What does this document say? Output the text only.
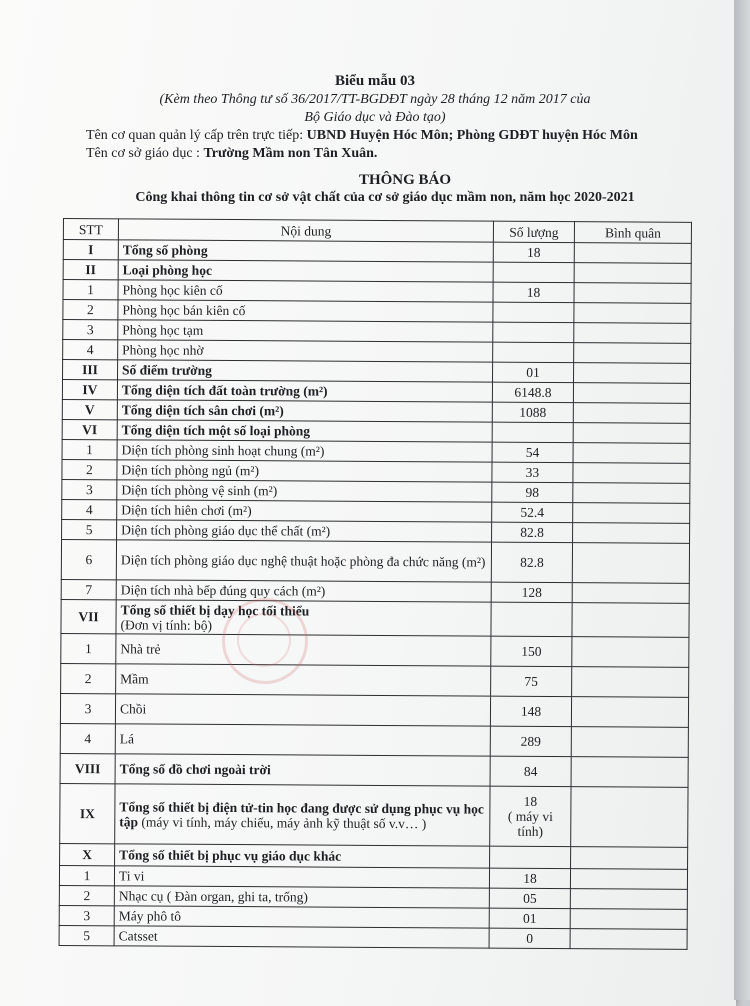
Biểu mẫu 03
(Kèm theo Thông tư số 36/2017/TT-BGDĐT ngày 28 tháng 12 năm 2017 của
Bộ Giáo dục và Đào tạo)
Tên cơ quan quản lý cấp trên trực tiếp: UBND Huyện Hóc Môn; Phòng GDĐT huyện Hóc Môn
Tên cơ sở giáo dục : Trường Mầm non Tân Xuân.
THÔNG BÁO
Công khai thông tin cơ sở vật chất của cơ sở giáo dục mầm non, năm học 2020-2021
STT	Nội dung	Số lượng	Bình quân
I	Tổng số phòng	18	
II	Loại phòng học		
1	Phòng học kiên cố	18	
2	Phòng học bán kiên cố		
3	Phòng học tạm		
4	Phòng học nhờ		
III	Số điểm trường	01	
IV	Tổng diện tích đất toàn trường (m²)	6148.8	
V	Tổng diện tích sân chơi (m²)	1088	
VI	Tổng diện tích một số loại phòng		
1	Diện tích phòng sinh hoạt chung (m²)	54	
2	Diện tích phòng ngủ (m²)	33	
3	Diện tích phòng vệ sinh (m²)	98	
4	Diện tích hiên chơi (m²)	52.4	
5	Diện tích phòng giáo dục thể chất (m²)	82.8	
6	Diện tích phòng giáo dục nghệ thuật hoặc phòng đa chức năng (m²)	82.8	
7	Diện tích nhà bếp đúng quy cách (m²)	128	
VII	Tổng số thiết bị dạy học tối thiểu
(Đơn vị tính: bộ)		
1	Nhà trẻ	150	
2	Mầm	75	
3	Chồi	148	
4	Lá	289	
VIII	Tổng số đồ chơi ngoài trời	84	
IX	Tổng số thiết bị điện tử-tin học đang được sử dụng phục vụ học tập (máy vi tính, máy chiếu, máy ảnh kỹ thuật số v.v… )	18
( máy vi tính)	
X	Tổng số thiết bị phục vụ giáo dục khác		
1	Ti vi	18	
2	Nhạc cụ ( Đàn organ, ghi ta, trống)	05	
3	Máy phô tô	01	
5	Catsset	0	
